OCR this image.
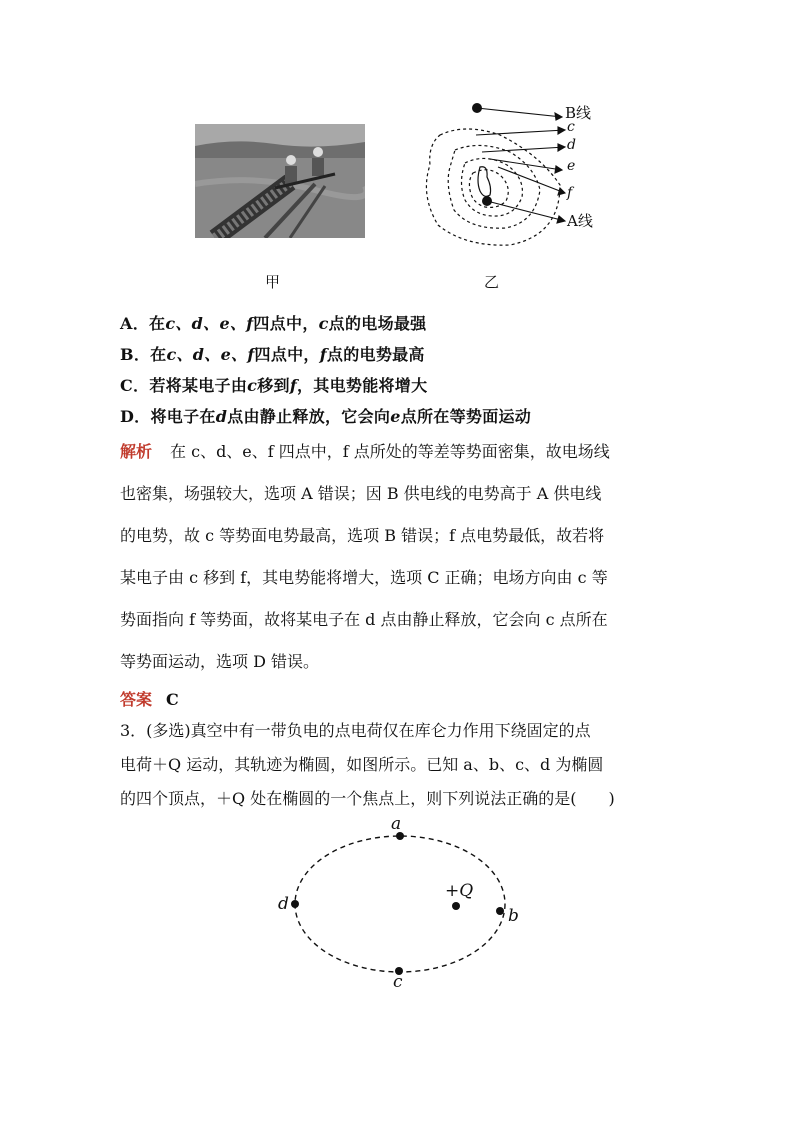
甲	乙
B线
c
d
e
f
A线
A．在c、d、e、f四点中，c点的电场最强
B．在c、d、e、f四点中，f点的电势最高
C．若将某电子由c移到f，其电势能将增大
D．将电子在d点由静止释放，它会向e点所在等势面运动
解析 在 c、d、e、f 四点中，f 点所处的等差等势面密集，故电场线
也密集，场强较大，选项 A 错误；因 B 供电线的电势高于 A 供电线
的电势，故 c 等势面电势最高，选项 B 错误；f 点电势最低，故若将
某电子由 c 移到 f，其电势能将增大，选项 C 正确；电场方向由 c 等
势面指向 f 等势面，故将某电子在 d 点由静止释放，它会向 c 点所在
等势面运动，选项 D 错误。
答案 C
3．(多选)真空中有一带负电的点电荷仅在库仑力作用下绕固定的点
电荷＋Q 运动，其轨迹为椭圆，如图所示。已知 a、b、c、d 为椭圆
的四个顶点，＋Q 处在椭圆的一个焦点上，则下列说法正确的是(　　)
a
b
c
d
+Q
